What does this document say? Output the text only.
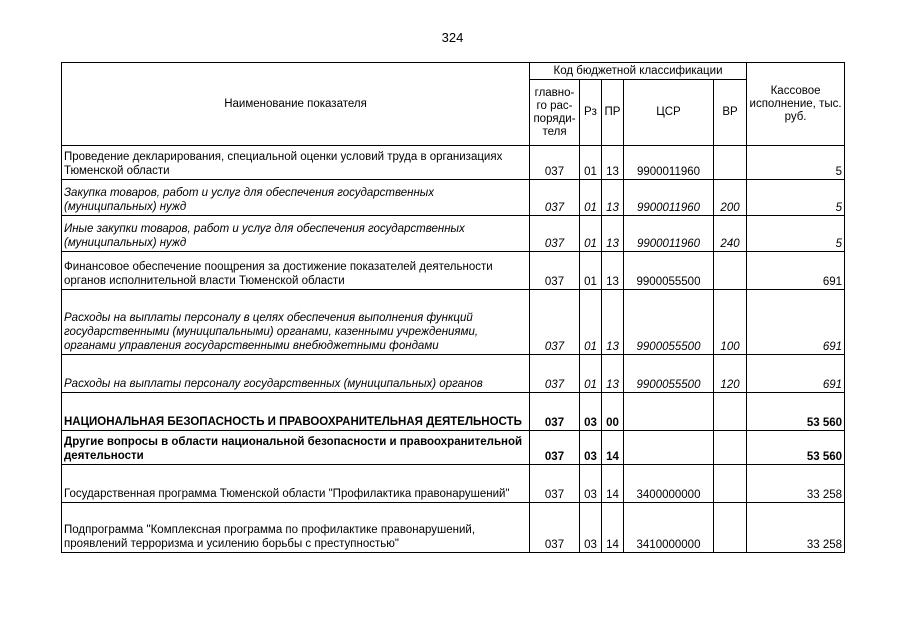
324
Наименование показателя	Код бюджетной классификации					Кассовое исполнение, тыс. руб.
	главно-го рас-поряди-теля	Рз	ПР	ЦСР	ВР	
Проведение декларирования, специальной оценки условий труда в организациях Тюменской области	037	01	13	9900011960		5
Закупка товаров, работ и услуг для обеспечения государственных (муниципальных) нужд	037	01	13	9900011960	200	5
Иные закупки товаров, работ и услуг для обеспечения государственных (муниципальных) нужд	037	01	13	9900011960	240	5
Финансовое обеспечение поощрения за достижение показателей деятельности органов исполнительной власти Тюменской области	037	01	13	9900055500		691
Расходы на выплаты персоналу в целях обеспечения выполнения функций государственными (муниципальными) органами, казенными учреждениями, органами управления государственными внебюджетными фондами	037	01	13	9900055500	100	691
Расходы на выплаты персоналу государственных (муниципальных) органов	037	01	13	9900055500	120	691
НАЦИОНАЛЬНАЯ БЕЗОПАСНОСТЬ И ПРАВООХРАНИТЕЛЬНАЯ ДЕЯТЕЛЬНОСТЬ	037	03	00			53 560
Другие вопросы в области национальной безопасности и правоохранительной деятельности	037	03	14			53 560
Государственная программа Тюменской области "Профилактика правонарушений"	037	03	14	3400000000		33 258
Подпрограмма "Комплексная программа по профилактике правонарушений, проявлений терроризма и усилению борьбы с преступностью"	037	03	14	3410000000		33 258
